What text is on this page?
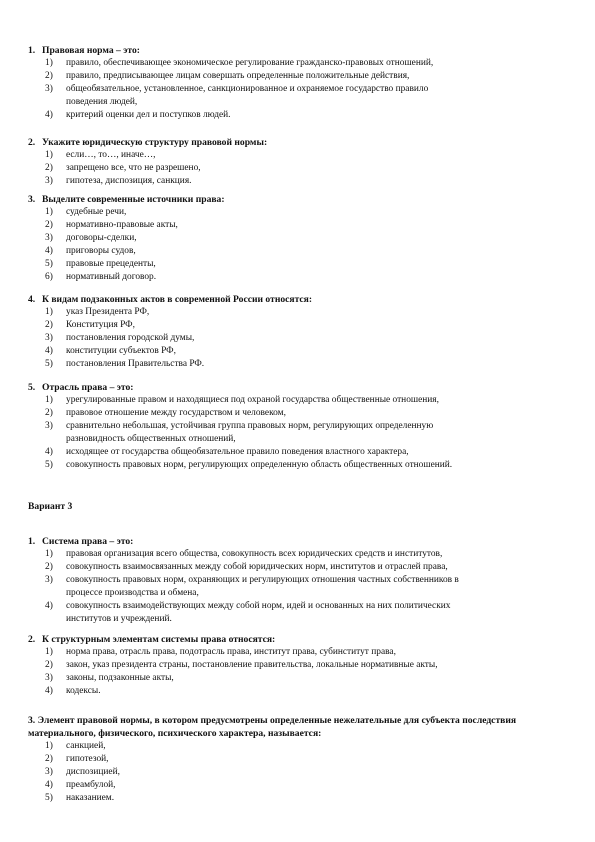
1. Правовая норма – это:
1) правило, обеспечивающее экономическое регулирование гражданско-правовых отношений,
2) правило, предписывающее лицам совершать определенные положительные действия,
3) общеобязательное, установленное, санкционированное и охраняемое государство правило
поведения людей,
4) критерий оценки дел и поступков людей.
2. Укажите юридическую структуру правовой нормы:
1) если…, то…, иначе…,
2) запрещено все, что не разрешено,
3) гипотеза, диспозиция, санкция.
3. Выделите современные источники права:
1) судебные речи,
2) нормативно-правовые акты,
3) договоры-сделки,
4) приговоры судов,
5) правовые прецеденты,
6) нормативный договор.
4. К видам подзаконных актов в современной России относятся:
1) указ Президента РФ,
2) Конституция РФ,
3) постановления городской думы,
4) конституции субъектов РФ,
5) постановления Правительства РФ.
5. Отрасль права – это:
1) урегулированные правом и находящиеся под охраной государства общественные отношения,
2) правовое отношение между государством и человеком,
3) сравнительно небольшая, устойчивая группа правовых норм, регулирующих определенную
разновидность общественных отношений,
4) исходящее от государства общеобязательное правило поведения властного характера,
5) совокупность правовых норм, регулирующих определенную область общественных отношений.
Вариант 3
1. Система права – это:
1) правовая организация всего общества, совокупность всех юридических средств и институтов,
2) совокупность взаимосвязанных между собой юридических норм, институтов и отраслей права,
3) совокупность правовых норм, охраняющих и регулирующих отношения частных собственников в
процессе производства и обмена,
4) совокупность взаимодействующих между собой норм, идей и основанных на них политических
институтов и учреждений.
2. К структурным элементам системы права относятся:
1) норма права, отрасль права, подотрасль права, институт права, субинститут права,
2) закон, указ президента страны, постановление правительства, локальные нормативные акты,
3) законы, подзаконные акты,
4) кодексы.
3. Элемент правовой нормы, в котором предусмотрены определенные нежелательные для субъекта последствия материального, физического, психического характера, называется:
1) санкцией,
2) гипотезой,
3) диспозицией,
4) преамбулой,
5) наказанием.
